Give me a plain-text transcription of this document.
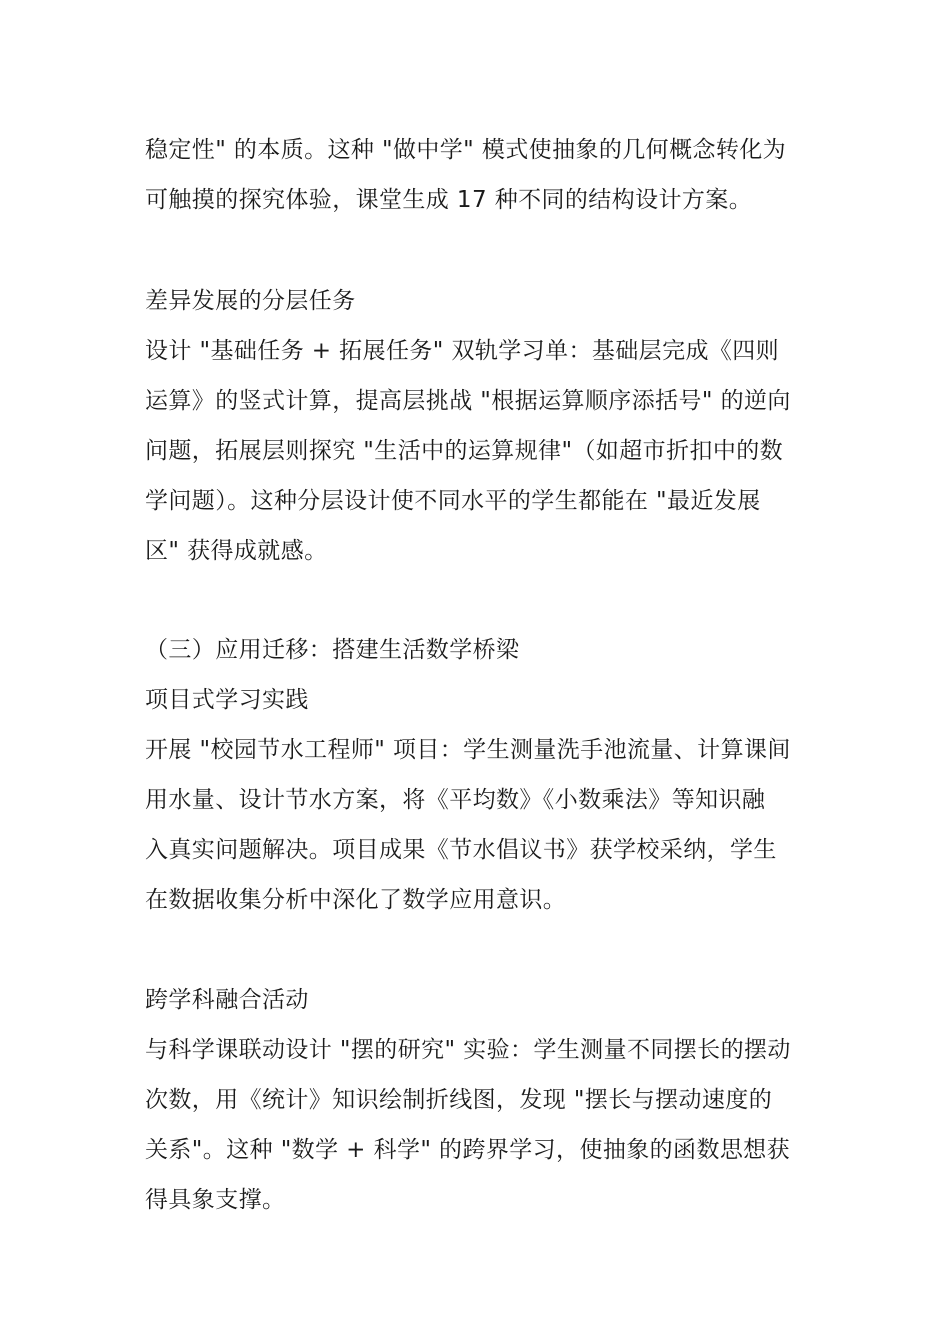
稳定性" 的本质。这种 "做中学" 模式使抽象的几何概念转化为
可触摸的探究体验，课堂生成 17 种不同的结构设计方案。
差异发展的分层任务
设计 "基础任务 + 拓展任务" 双轨学习单：基础层完成《四则
运算》的竖式计算，提高层挑战 "根据运算顺序添括号" 的逆向
问题，拓展层则探究 "生活中的运算规律"（如超市折扣中的数
学问题）。这种分层设计使不同水平的学生都能在 "最近发展
区" 获得成就感。
（三）应用迁移：搭建生活数学桥梁
项目式学习实践
开展 "校园节水工程师" 项目：学生测量洗手池流量、计算课间
用水量、设计节水方案，将《平均数》《小数乘法》等知识融
入真实问题解决。项目成果《节水倡议书》获学校采纳，学生
在数据收集分析中深化了数学应用意识。
跨学科融合活动
与科学课联动设计 "摆的研究" 实验：学生测量不同摆长的摆动
次数，用《统计》知识绘制折线图，发现 "摆长与摆动速度的
关系"。这种 "数学 + 科学" 的跨界学习，使抽象的函数思想获
得具象支撑。
